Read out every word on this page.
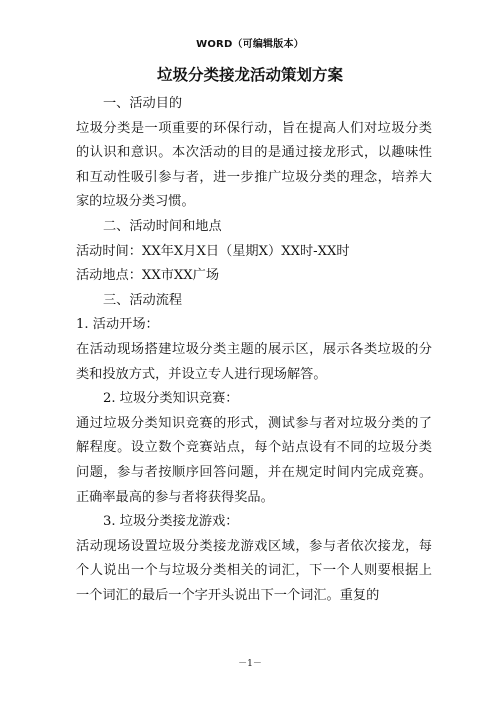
WORD（可编辑版本）
垃圾分类接龙活动策划方案

一、活动目的

垃圾分类是一项重要的环保行动，旨在提高人们对垃圾分类的认识和意识。本次活动的目的是通过接龙形式，以趣味性和互动性吸引参与者，进一步推广垃圾分类的理念，培养大家的垃圾分类习惯。

二、活动时间和地点

活动时间：XX年X月X日（星期X）XX时-XX时

活动地点：XX市XX广场

三、活动流程

1. 活动开场：

在活动现场搭建垃圾分类主题的展示区，展示各类垃圾的分类和投放方式，并设立专人进行现场解答。

2. 垃圾分类知识竞赛：

通过垃圾分类知识竞赛的形式，测试参与者对垃圾分类的了解程度。设立数个竞赛站点，每个站点设有不同的垃圾分类问题，参与者按顺序回答问题，并在规定时间内完成竞赛。正确率最高的参与者将获得奖品。

3. 垃圾分类接龙游戏：

活动现场设置垃圾分类接龙游戏区域，参与者依次接龙，每个人说出一个与垃圾分类相关的词汇，下一个人则要根据上一个词汇的最后一个字开头说出下一个词汇。重复的

－1－
